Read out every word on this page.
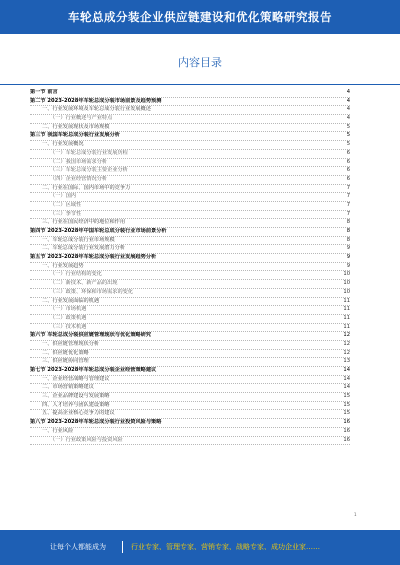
车轮总成分装企业供应链建设和优化策略研究报告
内容目录
第一节 前言	4
第二节 2023-2028年车轮总成分装市场前景及趋势预测	4
一、行业发展环境及车轮总成分装行业发展概述	4
（一）行业概述与产业特点	4
二、行业发展现状及市场规模	5
第三节 我国车轮总成分装行业发展分析	5
一、行业发展概况	5
（一）车轮总成分装行业发展历程	6
（二）我国市场需求分析	6
（三）车轮总成分装主要企业分析	6
（四）企业经营情况分析	6
二、行业在国际、国内市场中的竞争力	7
（一）国内	7
（二）区域性	7
（三）季节性	7
三、行业在国民经济中的地位和作用	8
第四节 2023-2028年中国车轮总成分装行业市场前景分析	8
一、车轮总成分装行业市场规模	8
二、车轮总成分装行业发展潜力分析	9
第五节 2023-2028年车轮总成分装行业发展趋势分析	9
一、行业发展趋势	9
（一）行业结构的变化	10
（二）新技术、新产品的出现	10
（三）政策、环保和市场需求的变化	10
二、行业发展面临的机遇	11
（一）市场机遇	11
（二）政策机遇	11
（三）技术机遇	11
第六节 车轮总成分装供应链管理现状与优化策略研究	12
一、供应链管理现状分析	12
二、供应链优化策略	12
三、供应链协同管理	13
第七节 2023-2028年车轮总成分装企业经营策略建议	14
一、企业经营战略与管理建议	14
二、市场营销策略建议	14
三、企业品牌建设与发展策略	15
四、人才培养与团队建设策略	15
五、提高企业核心竞争力的建议	15
第八节 2023-2028年车轮总成分装行业投资风险与策略	16
一、行业风险	16
（一）行业政策风险与投资风险	16
1
让每个人都能成为	行业专家、管理专家、营销专家、战略专家、成功企业家……
